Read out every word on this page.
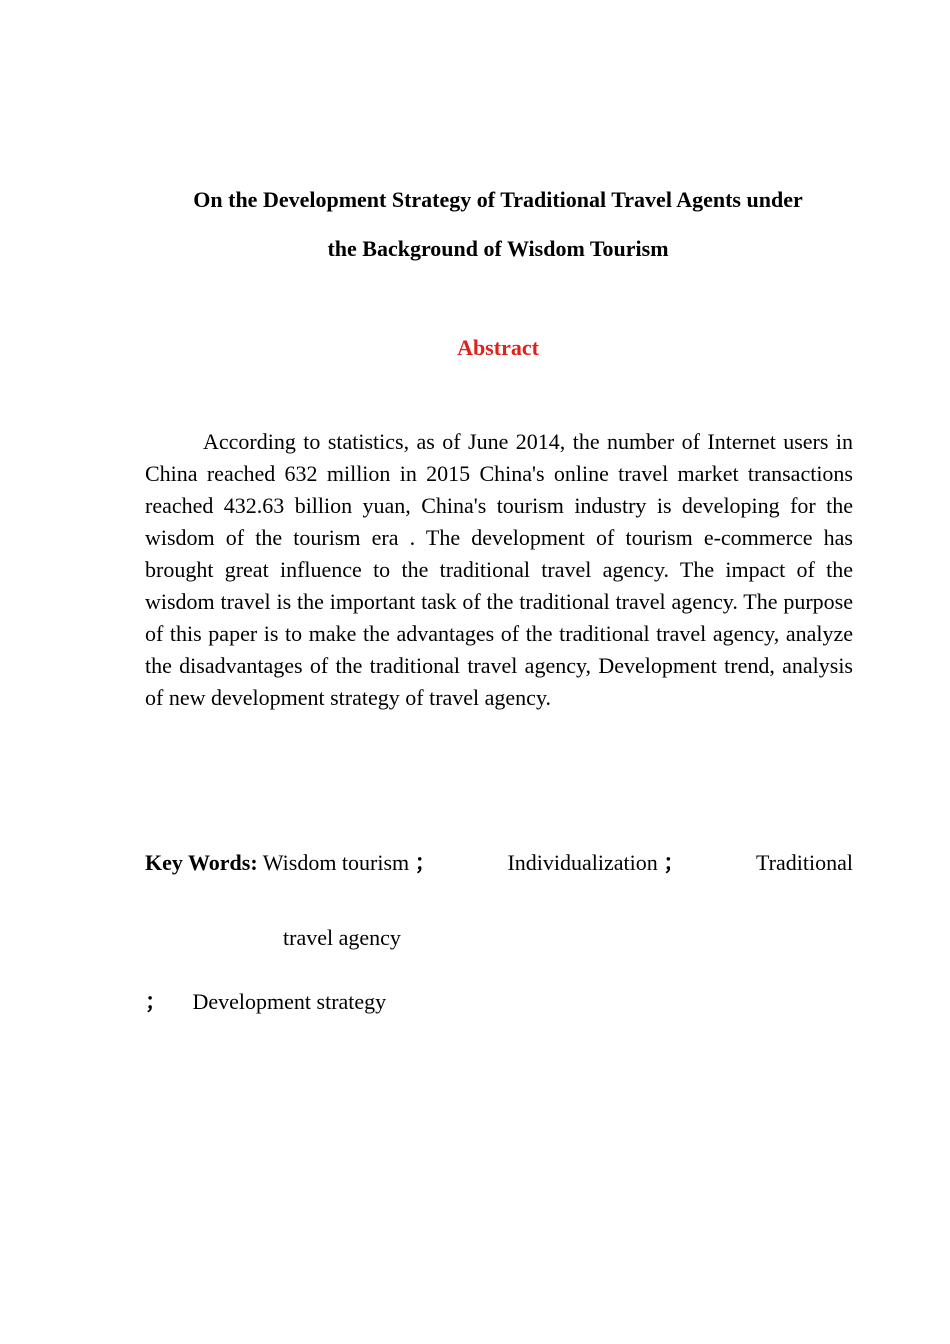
On the Development Strategy of Traditional Travel Agents under
the Background of Wisdom Tourism
Abstract

According to statistics, as of June 2014, the number of Internet users in China reached 632 million in 2015 China's online travel market transactions reached 432.63 billion yuan, China's tourism industry is developing for the wisdom of the tourism era . The development of tourism e-commerce has brought great influence to the traditional travel agency. The impact of the wisdom travel is the important task of the traditional travel agency. The purpose of this paper is to make the advantages of the traditional travel agency, analyze the disadvantages of the traditional travel agency, Development trend, analysis of new development strategy of travel agency.

Key Words: Wisdom tourism ；	Individualization ；	Traditional
travel agency
； Development strategy
